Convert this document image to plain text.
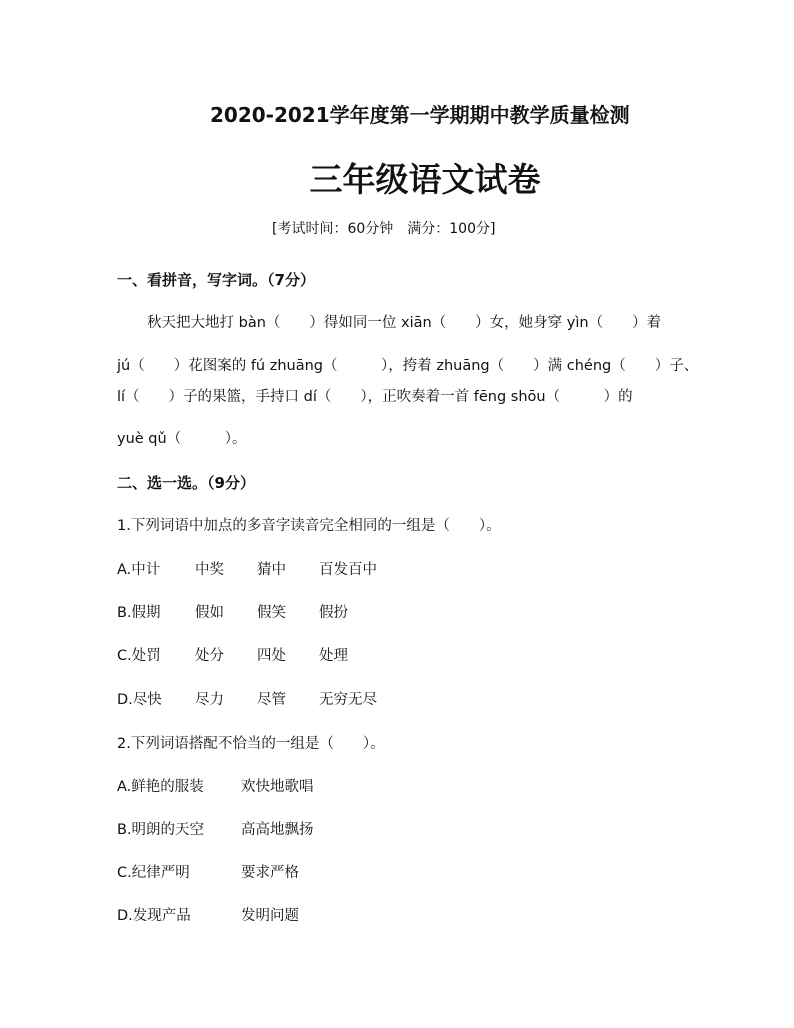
2020-2021学年度第一学期期中教学质量检测
三年级语文试卷
[考试时间：60分钟　满分：100分]
一、看拼音，写字词。（7分）
秋天把大地打 bàn（　　）得如同一位 xiān（　　）女，她身穿 yìn（　　）着
jú（　　）花图案的 fú zhuāng（　　　），挎着 zhuāng（　　）满 chéng（　　）子、
lí（　　）子的果篮，手持口 dí（　　），正吹奏着一首 fēng shōu（　　　）的
yuè qǔ（　　　）。
二、选一选。（9分）
1.下列词语中加点的多音字读音完全相同的一组是（　　）。
A.中计 中奖 猜中 百发百中
B.假期 假如 假笑 假扮
C.处罚 处分 四处 处理
D.尽快 尽力 尽管 无穷无尽
2.下列词语搭配不恰当的一组是（　　）。
A.鲜艳的服装	欢快地歌唱
B.明朗的天空	高高地飘扬
C.纪律严明	要求严格
D.发现产品	发明问题
